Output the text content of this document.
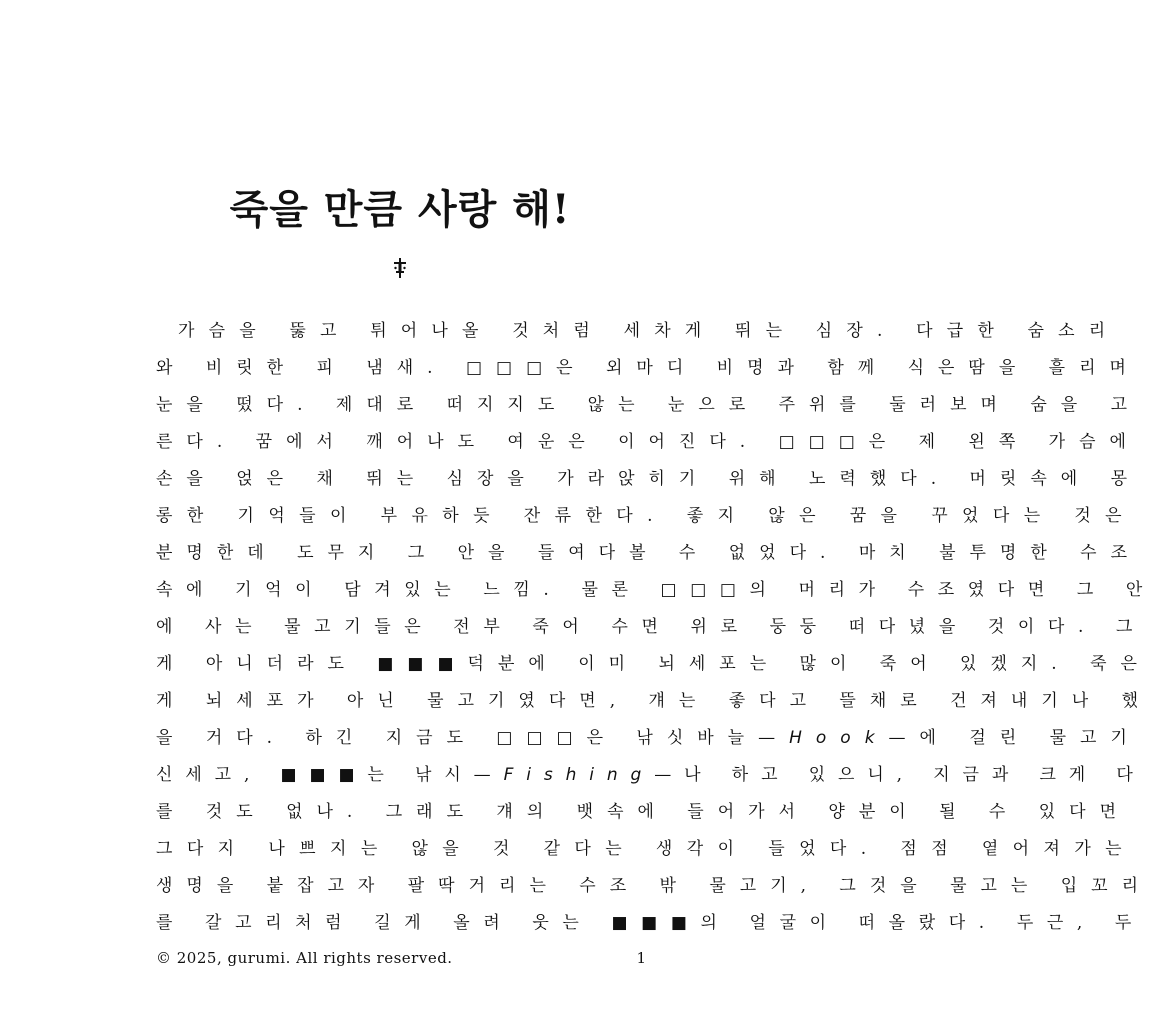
죽을 만큼 사랑 해!
가슴을 뚫고 튀어나올 것처럼 세차게 뛰는 심장. 다급한 숨소리
와 비릿한 피 냄새. □□□은 외마디 비명과 함께 식은땀을 흘리며
눈을 떴다. 제대로 떠지지도 않는 눈으로 주위를 둘러보며 숨을 고
른다. 꿈에서 깨어나도 여운은 이어진다. □□□은 제 왼쪽 가슴에
손을 얹은 채 뛰는 심장을 가라앉히기 위해 노력했다. 머릿속에 몽
롱한 기억들이 부유하듯 잔류한다. 좋지 않은 꿈을 꾸었다는 것은
분명한데 도무지 그 안을 들여다볼 수 없었다. 마치 불투명한 수조
속에 기억이 담겨있는 느낌. 물론 □□□의 머리가 수조였다면 그 안
에 사는 물고기들은 전부 죽어 수면 위로 둥둥 떠다녔을 것이다. 그
게 아니더라도 ■■■덕분에 이미 뇌세포는 많이 죽어 있겠지. 죽은
게 뇌세포가 아닌 물고기였다면, 걔는 좋다고 뜰채로 건져내기나 했
을 거다. 하긴 지금도 □□□은 낚싯바늘—Hook—에 걸린 물고기
신세고, ■■■는 낚시—Fishing—나 하고 있으니, 지금과 크게 다
를 것도 없나. 그래도 걔의 뱃속에 들어가서 양분이 될 수 있다면
그다지 나쁘지는 않을 것 같다는 생각이 들었다. 점점 옅어져가는
생명을 붙잡고자 팔딱거리는 수조 밖 물고기, 그것을 물고는 입꼬리
를 갈고리처럼 길게 올려 웃는 ■■■의 얼굴이 떠올랐다. 두근, 두
© 2025, gurumi. All rights reserved.	1
